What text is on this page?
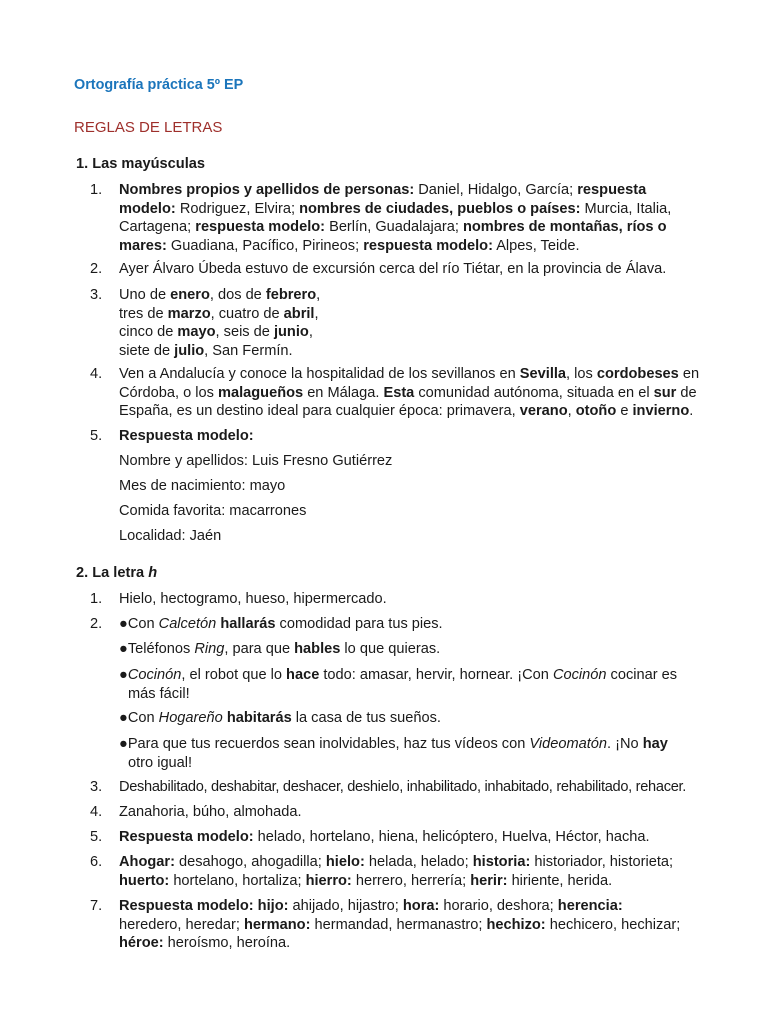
Ortografía práctica 5º EP
REGLAS DE LETRAS
1. Las mayúsculas
1.	Nombres propios y apellidos de personas: Daniel, Hidalgo, García; respuesta
modelo: Rodriguez, Elvira; nombres de ciudades, pueblos o países: Murcia, Italia,
Cartagena; respuesta modelo: Berlín, Guadalajara; nombres de montañas, ríos o
mares: Guadiana, Pacífico, Pirineos; respuesta modelo: Alpes, Teide.
2.	Ayer Álvaro Úbeda estuvo de excursión cerca del río Tiétar, en la provincia de Álava.
3.	Uno de enero, dos de febrero,
tres de marzo, cuatro de abril,
cinco de mayo, seis de junio,
siete de julio, San Fermín.
4.	Ven a Andalucía y conoce la hospitalidad de los sevillanos en Sevilla, los cordobeses en
Córdoba, o los malagueños en Málaga. Esta comunidad autónoma, situada en el sur de
España, es un destino ideal para cualquier época: primavera, verano, otoño e invierno.
5.	Respuesta modelo:
Nombre y apellidos: Luis Fresno Gutiérrez
Mes de nacimiento: mayo
Comida favorita: macarrones
Localidad: Jaén
2. La letra h
1.	Hielo, hectogramo, hueso, hipermercado.
2.	●Con Calcetón hallarás comodidad para tus pies.
●Teléfonos Ring, para que hables lo que quieras.
●Cocinón, el robot que lo hace todo: amasar, hervir, hornear. ¡Con Cocinón cocinar es
más fácil!
●Con Hogareño habitarás la casa de tus sueños.
●Para que tus recuerdos sean inolvidables, haz tus vídeos con Videomatón. ¡No hay
otro igual!
3.	Deshabilitado, deshabitar, deshacer, deshielo, inhabilitado, inhabitado, rehabilitado, rehacer.
4.	Zanahoria, búho, almohada.
5.	Respuesta modelo: helado, hortelano, hiena, helicóptero, Huelva, Héctor, hacha.
6.	Ahogar: desahogo, ahogadilla; hielo: helada, helado; historia: historiador, historieta;
huerto: hortelano, hortaliza; hierro: herrero, herrería; herir: hiriente, herida.
7.	Respuesta modelo: hijo: ahijado, hijastro; hora: horario, deshora; herencia:
heredero, heredar; hermano: hermandad, hermanastro; hechizo: hechicero, hechizar;
héroe: heroísmo, heroína.
